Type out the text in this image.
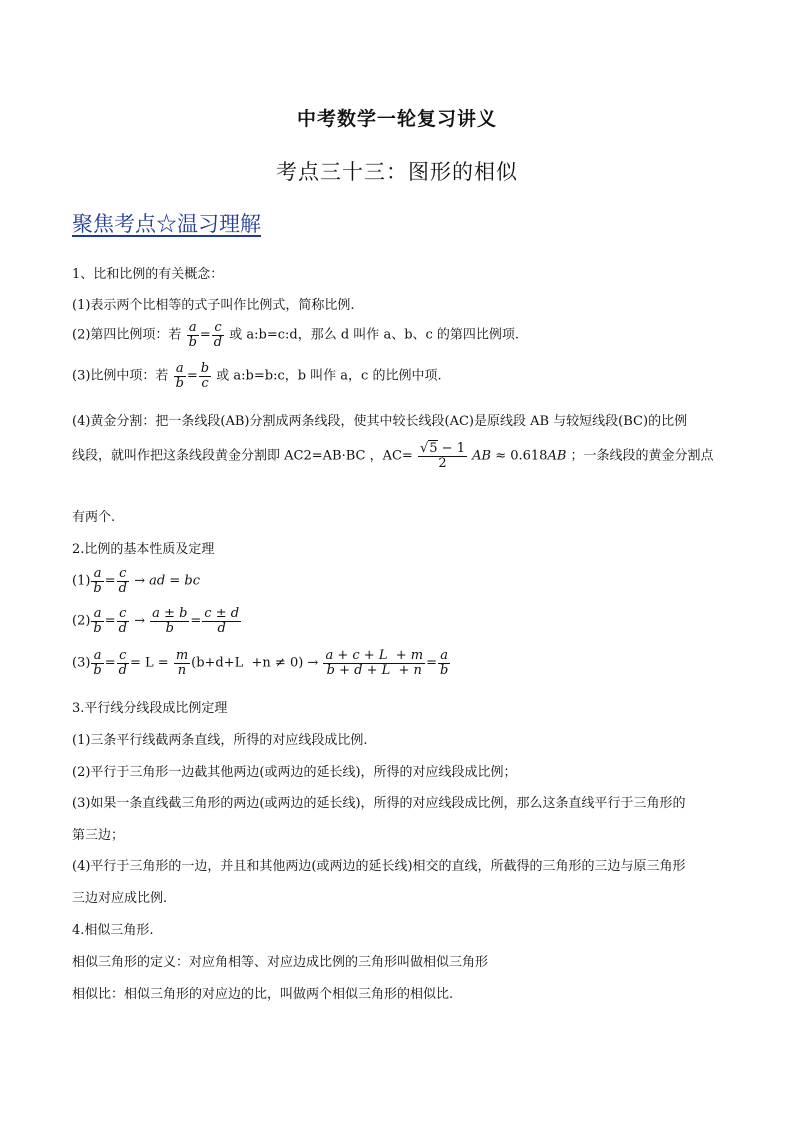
中考数学一轮复习讲义
考点三十三：图形的相似
聚焦考点☆温习理解
1、比和比例的有关概念：
(1)表示两个比相等的式子叫作比例式，简称比例.
(2)第四比例项：若 $\frac{a}{b} = \frac{c}{d}$ 或 a:b=c:d，那么 d 叫作 a、b、c 的第四比例项.
(3)比例中项：若 $\frac{a}{b} = \frac{b}{c}$ 或 a:b=b:c，b 叫作 a，c 的比例中项.
(4)黄金分割：把一条线段(AB)分割成两条线段，使其中较长线段(AC)是原线段 AB 与较短线段(BC)的比例
线段，就叫作把这条线段黄金分割即 AC2=AB·BC ，$AC= \frac{√5 - 1}{2}$ AB ≈ 0.618AB ；一条线段的黄金分割点
有两个.
2.比例的基本性质及定理
$(1) \frac{a}{b} = \frac{c}{d}$ → ad = bc
$(2) \frac{a}{b} = \frac{c}{d} \to \frac{a \pm b}{b} = \frac{c \pm d}{d}$
$(3) \frac{a}{b} = \frac{c}{d} = L = \frac{m}{n} (b+d+L +n \ne 0) \to \frac{a + c + L + m}{b + d + L + n} = \frac{a}{b}$
3.平行线分线段成比例定理
(1)三条平行线截两条直线，所得的对应线段成比例.
(2)平行于三角形一边截其他两边(或两边的延长线)，所得的对应线段成比例；
(3)如果一条直线截三角形的两边(或两边的延长线)，所得的对应线段成比例，那么这条直线平行于三角形的
第三边；
(4)平行于三角形的一边，并且和其他两边(或两边的延长线)相交的直线，所截得的三角形的三边与原三角形
三边对应成比例.
4.相似三角形.
相似三角形的定义：对应角相等、对应边成比例的三角形叫做相似三角形
相似比：相似三角形的对应边的比，叫做两个相似三角形的相似比.
